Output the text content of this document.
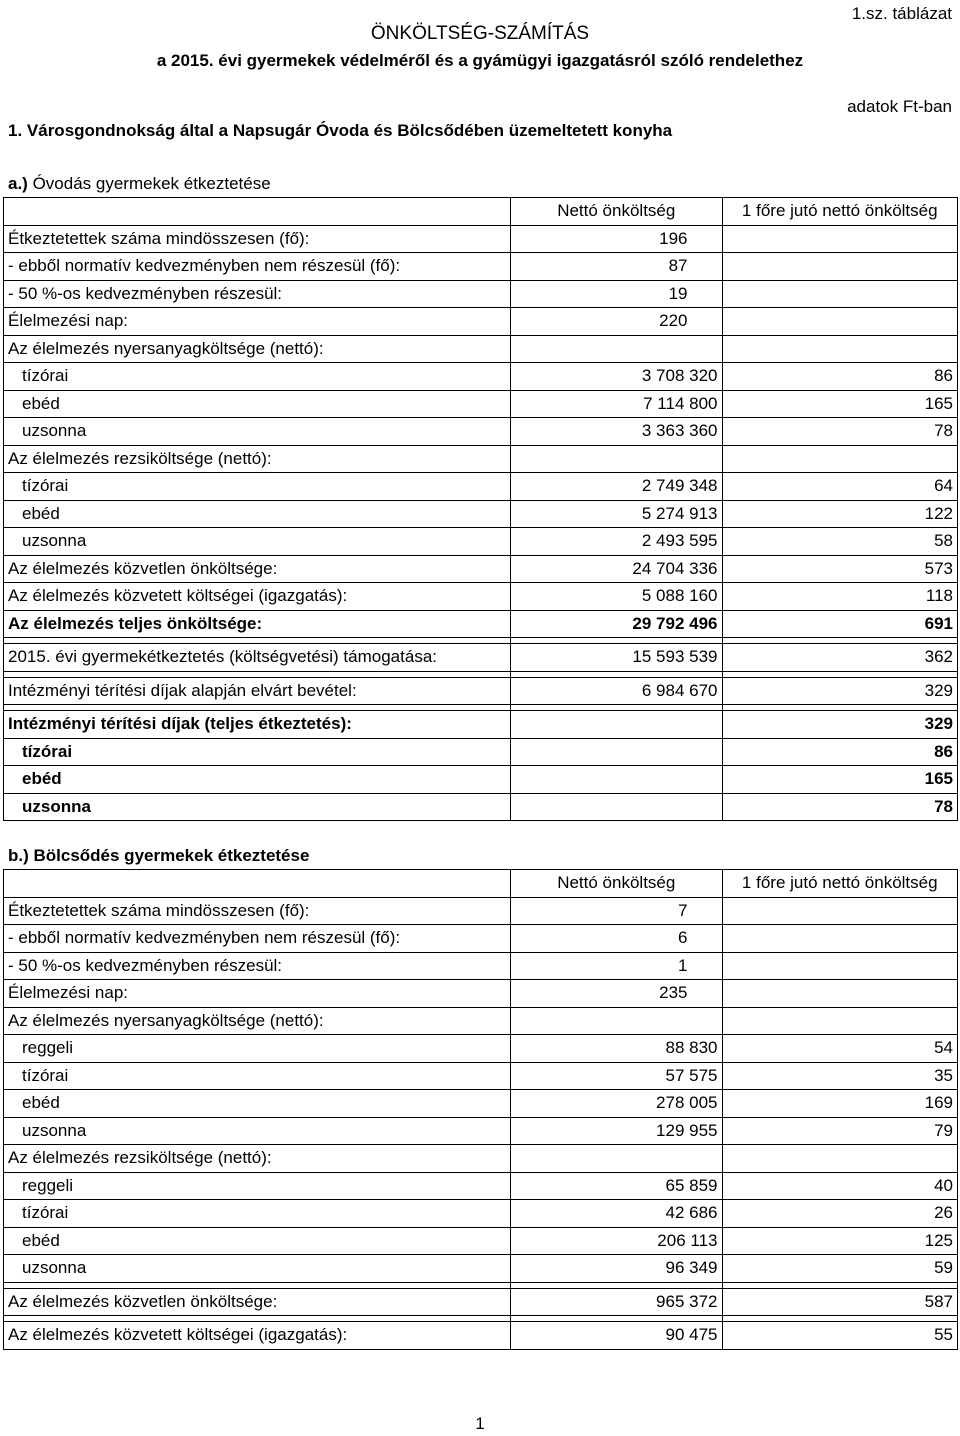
1.sz. táblázat
ÖNKÖLTSÉG-SZÁMÍTÁS
a 2015. évi gyermekek védelméről és a gyámügyi igazgatásról szóló rendelethez
adatok Ft-ban
1. Városgondnokság által a Napsugár Óvoda és Bölcsődében üzemeltetett konyha
a.) Óvodás gyermekek étkeztetése
	Nettó önköltség	1 főre jutó nettó önköltség
Étkeztetettek száma mindösszesen (fő):	196	
- ebből normatív kedvezményben nem részesül (fő):	87	
- 50 %-os kedvezményben részesül:	19	
Élelmezési nap:	220	
Az élelmezés nyersanyagköltsége (nettó):		
tízórai	3 708 320	86
ebéd	7 114 800	165
uzsonna	3 363 360	78
Az élelmezés rezsiköltsége (nettó):		
tízórai	2 749 348	64
ebéd	5 274 913	122
uzsonna	2 493 595	58
Az élelmezés közvetlen önköltsége:	24 704 336	573
Az élelmezés közvetett költségei (igazgatás):	5 088 160	118
Az élelmezés teljes önköltsége:	29 792 496	691

2015. évi gyermekétkeztetés (költségvetési) támogatása:	15 593 539	362

Intézményi térítési díjak alapján elvárt bevétel:	6 984 670	329

Intézményi térítési díjak (teljes étkeztetés):		329
tízórai		86
ebéd		165
uzsonna		78
b.) Bölcsődés gyermekek étkeztetése
	Nettó önköltség	1 főre jutó nettó önköltség
Étkeztetettek száma mindösszesen (fő):	7	
- ebből normatív kedvezményben nem részesül (fő):	6	
- 50 %-os kedvezményben részesül:	1	
Élelmezési nap:	235	
Az élelmezés nyersanyagköltsége (nettó):		
reggeli	88 830	54
tízórai	57 575	35
ebéd	278 005	169
uzsonna	129 955	79
Az élelmezés rezsiköltsége (nettó):		
reggeli	65 859	40
tízórai	42 686	26
ebéd	206 113	125
uzsonna	96 349	59

Az élelmezés közvetlen önköltsége:	965 372	587

Az élelmezés közvetett költségei (igazgatás):	90 475	55
1
